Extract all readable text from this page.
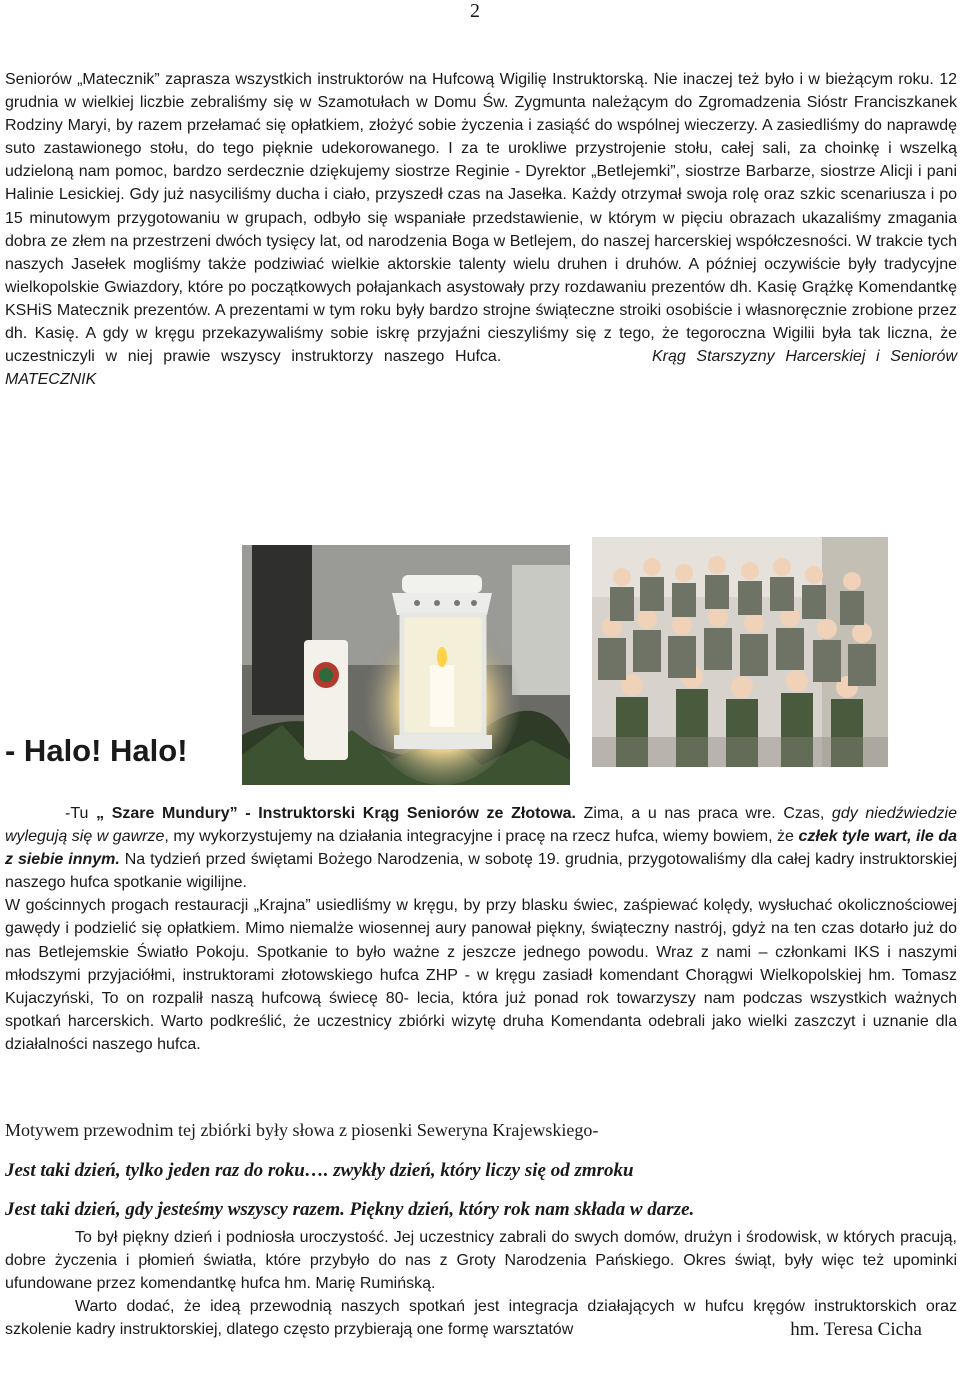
2
Seniorów „Matecznik” zaprasza wszystkich instruktorów na Hufcową Wigilię Instruktorską. Nie inaczej też było i w bieżącym roku. 12 grudnia w wielkiej liczbie zebraliśmy się w Szamotułach w Domu Św. Zygmunta należącym do Zgromadzenia Sióstr Franciszkanek Rodziny Maryi, by razem przełamać się opłatkiem, złożyć sobie życzenia i zasiąść do wspólnej wieczerzy. A zasiedliśmy do naprawdę suto zastawionego stołu, do tego pięknie udekorowanego. I za te urokliwe przystrojenie stołu, całej sali, za choinkę i wszelką udzieloną nam pomoc, bardzo serdecznie dziękujemy siostrze Reginie - Dyrektor „Betlejemki”, siostrze Barbarze, siostrze Alicji i pani Halinie Lesickiej. Gdy już nasyciliśmy ducha i ciało, przyszedł czas na Jasełka. Każdy otrzymał swoja rolę oraz szkic scenariusza i po 15 minutowym przygotowaniu w grupach, odbyło się wspaniałe przedstawienie, w którym w pięciu obrazach ukazaliśmy zmagania dobra ze złem na przestrzeni dwóch tysięcy lat, od narodzenia Boga w Betlejem, do naszej harcerskiej współczesności. W trakcie tych naszych Jasełek mogliśmy także podziwiać wielkie aktorskie talenty wielu druhen i druhów. A później oczywiście były tradycyjne wielkopolskie Gwiazdory, które po początkowych połajankach asystowały przy rozdawaniu prezentów dh. Kasię Grążkę Komendantkę KSHiS Matecznik prezentów. A prezentami w tym roku były bardzo strojne świąteczne stroiki osobiście i własnoręcznie zrobione przez dh. Kasię. A gdy w kręgu przekazywaliśmy sobie iskrę przyjaźni cieszyliśmy się z tego, że tegoroczna Wigilii była tak liczna, że uczestniczyli w niej prawie wszyscy instruktorzy naszego Hufca.	Krąg Starszyzny Harcerskiej i Seniorów MATECZNIK
- Halo! Halo!
-Tu „ Szare Mundury” - Instruktorski Krąg Seniorów ze Złotowa. Zima, a u nas praca wre. Czas, gdy niedźwiedzie wylegują się w gawrze, my wykorzystujemy na działania integracyjne i pracę na rzecz hufca, wiemy bowiem, że człek tyle wart, ile da z siebie innym. Na tydzień przed świętami Bożego Narodzenia, w sobotę 19. grudnia, przygotowaliśmy dla całej kadry instruktorskiej naszego hufca spotkanie wigilijne.
W gościnnych progach restauracji „Krajna” usiedliśmy w kręgu, by przy blasku świec, zaśpiewać kolędy, wysłuchać okolicznościowej gawędy i podzielić się opłatkiem. Mimo niemalże wiosennej aury panował piękny, świąteczny nastrój, gdyż na ten czas dotarło już do nas Betlejemskie Światło Pokoju. Spotkanie to było ważne z jeszcze jednego powodu. Wraz z nami – członkami IKS i naszymi młodszymi przyjaciółmi, instruktorami złotowskiego hufca ZHP - w kręgu zasiadł komendant Chorągwi Wielkopolskiej hm. Tomasz Kujaczyński, To on rozpalił naszą hufcową świecę 80- lecia, która już ponad rok towarzyszy nam podczas wszystkich ważnych spotkań harcerskich. Warto podkreślić, że uczestnicy zbiórki wizytę druha Komendanta odebrali jako wielki zaszczyt i uznanie dla działalności naszego hufca.

Motywem przewodnim tej zbiórki były słowa z piosenki Seweryna Krajewskiego-

Jest taki dzień, tylko jeden raz do roku…. zwykły dzień, który liczy się od zmroku

Jest taki dzień, gdy jesteśmy wszyscy razem. Piękny dzień, który rok nam składa w darze.

To był piękny dzień i podniosła uroczystość. Jej uczestnicy zabrali do swych domów, drużyn i środowisk, w których pracują, dobre życzenia i płomień światła, które przybyło do nas z Groty Narodzenia Pańskiego. Okres świąt, były więc też upominki ufundowane przez komendantkę hufca hm. Marię Rumińską.
Warto dodać, że ideą przewodnią naszych spotkań jest integracja działających w hufcu kręgów instruktorskich oraz szkolenie kadry instruktorskiej, dlatego często przybierają one formę warsztatów	hm. Teresa Cicha
